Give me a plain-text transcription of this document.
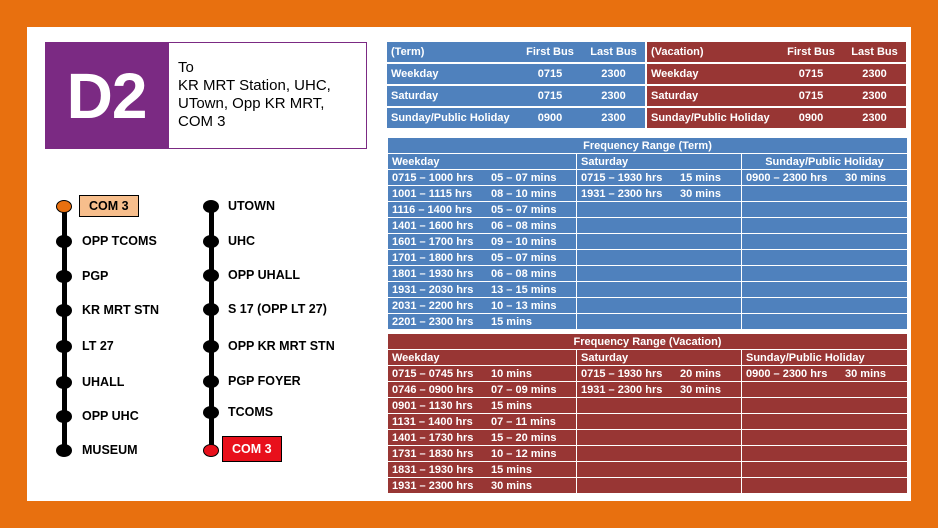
D2	To
KR MRT Station, UHC,
UTown, Opp KR MRT,
COM 3
COM 3
OPP TCOMS
PGP
KR MRT STN
LT 27
UHALL
OPP UHC
MUSEUM
UTOWN
UHC
OPP UHALL
S 17 (OPP LT 27)
OPP KR MRT STN
PGP FOYER
TCOMS
COM 3
(Term)	First Bus	Last Bus
Weekday	0715	2300
Saturday	0715	2300
Sunday/Public Holiday	0900	2300
(Vacation)	First Bus	Last Bus
Weekday	0715	2300
Saturday	0715	2300
Sunday/Public Holiday	0900	2300
Frequency Range (Term)		
Weekday	Saturday	Sunday/Public Holiday
0715 – 1000 hrs 05 – 07 mins	0715 – 1930 hrs 15 mins	0900 – 2300 hrs 30 mins
1001 – 1115 hrs 08 – 10 mins	1931 – 2300 hrs 30 mins	
1116 – 1400 hrs 05 – 07 mins		
1401 – 1600 hrs 06 – 08 mins		
1601 – 1700 hrs 09 – 10 mins		
1701 – 1800 hrs 05 – 07 mins		
1801 – 1930 hrs 06 – 08 mins		
1931 – 2030 hrs 13 – 15 mins		
2031 – 2200 hrs 10 – 13 mins		
2201 – 2300 hrs 15 mins		
Frequency Range (Vacation)		
Weekday	Saturday	Sunday/Public Holiday
0715 – 0745 hrs 10 mins	0715 – 1930 hrs 20 mins	0900 – 2300 hrs 30 mins
0746 – 0900 hrs 07 – 09 mins	1931 – 2300 hrs 30 mins	
0901 – 1130 hrs 15 mins		
1131 – 1400 hrs 07 – 11 mins		
1401 – 1730 hrs 15 – 20 mins		
1731 – 1830 hrs 10 – 12 mins		
1831 – 1930 hrs 15 mins		
1931 – 2300 hrs 30 mins		
